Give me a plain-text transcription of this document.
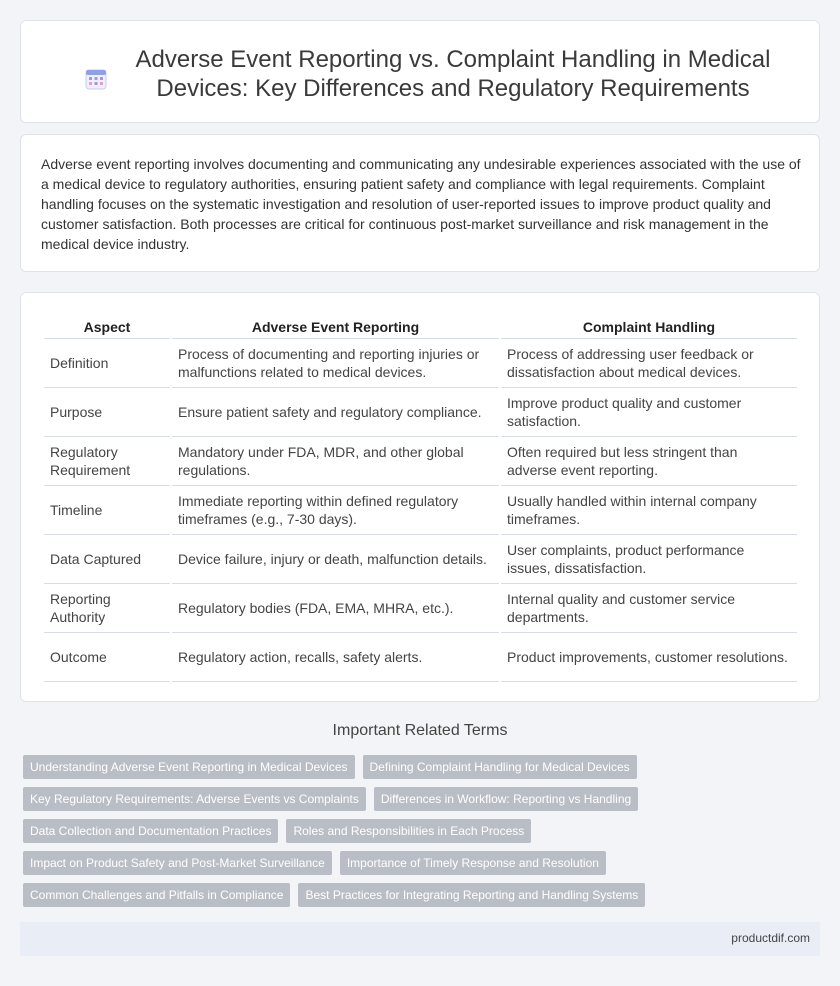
Adverse Event Reporting vs. Complaint Handling in Medical Devices: Key Differences and Regulatory Requirements

Adverse event reporting involves documenting and communicating any undesirable experiences associated with the use of a medical device to regulatory authorities, ensuring patient safety and compliance with legal requirements. Complaint handling focuses on the systematic investigation and resolution of user-reported issues to improve product quality and customer satisfaction. Both processes are critical for continuous post-market surveillance and risk management in the medical device industry.

Aspect	Adverse Event Reporting	Complaint Handling
Definition	Process of documenting and reporting injuries or malfunctions related to medical devices.	Process of addressing user feedback or dissatisfaction about medical devices.
Purpose	Ensure patient safety and regulatory compliance.	Improve product quality and customer satisfaction.
Regulatory Requirement	Mandatory under FDA, MDR, and other global regulations.	Often required but less stringent than adverse event reporting.
Timeline	Immediate reporting within defined regulatory timeframes (e.g., 7-30 days).	Usually handled within internal company timeframes.
Data Captured	Device failure, injury or death, malfunction details.	User complaints, product performance issues, dissatisfaction.
Reporting Authority	Regulatory bodies (FDA, EMA, MHRA, etc.).	Internal quality and customer service departments.
Outcome	Regulatory action, recalls, safety alerts.	Product improvements, customer resolutions.
Important Related Terms
Understanding Adverse Event Reporting in Medical Devices	Defining Complaint Handling for Medical Devices
Key Regulatory Requirements: Adverse Events vs Complaints	Differences in Workflow: Reporting vs Handling
Data Collection and Documentation Practices	Roles and Responsibilities in Each Process
Impact on Product Safety and Post-Market Surveillance	Importance of Timely Response and Resolution
Common Challenges and Pitfalls in Compliance	Best Practices for Integrating Reporting and Handling Systems
productdif.com
